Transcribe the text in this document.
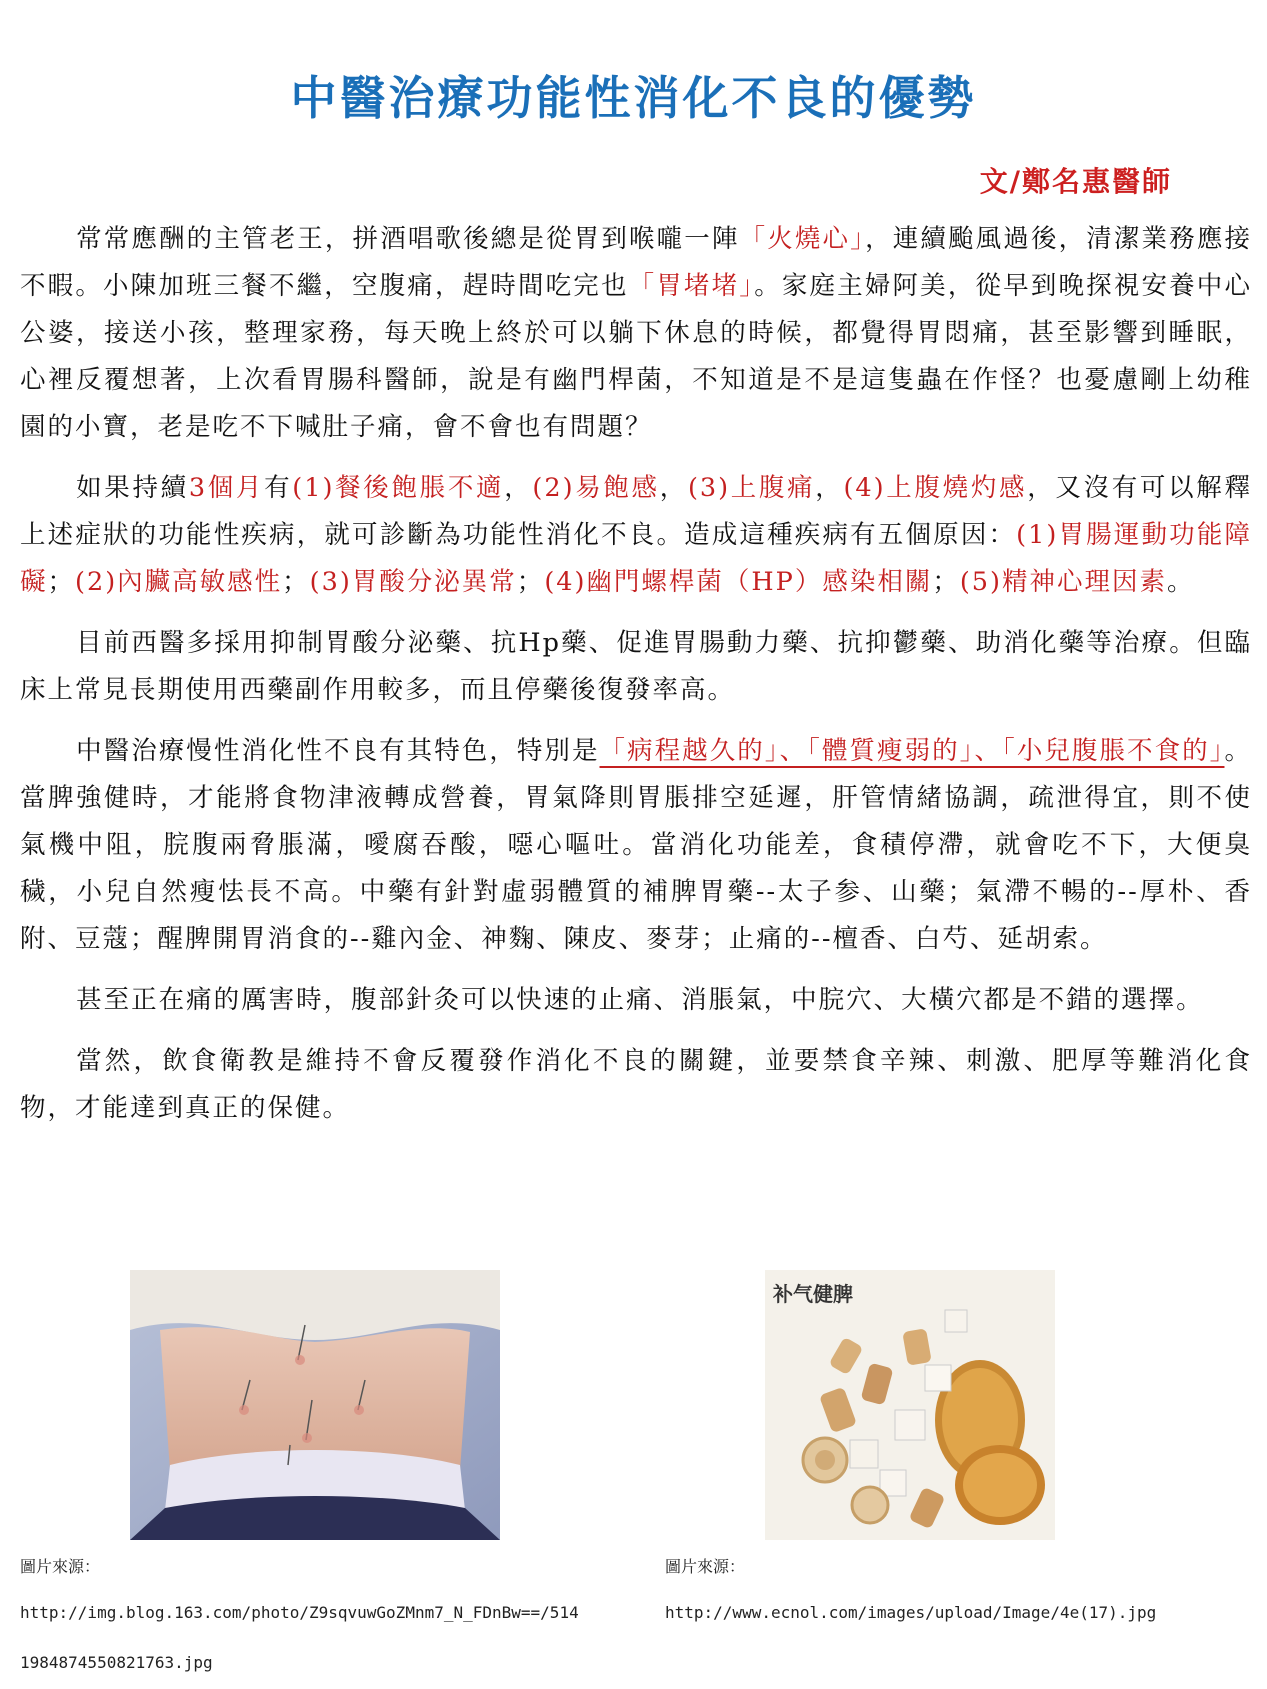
中醫治療功能性消化不良的優勢
文/鄭名惠醫師

常常應酬的主管老王，拼酒唱歌後總是從胃到喉嚨一陣「火燒心」，連續颱風過後，清潔業務應接不暇。小陳加班三餐不繼，空腹痛，趕時間吃完也「胃堵堵」。家庭主婦阿美，從早到晚探視安養中心公婆，接送小孩，整理家務，每天晚上終於可以躺下休息的時候，都覺得胃悶痛，甚至影響到睡眠，心裡反覆想著，上次看胃腸科醫師，說是有幽門桿菌，不知道是不是這隻蟲在作怪？也憂慮剛上幼稚園的小寶，老是吃不下喊肚子痛，會不會也有問題？

如果持續3個月有(1)餐後飽脹不適，(2)易飽感，(3)上腹痛，(4)上腹燒灼感，又沒有可以解釋上述症狀的功能性疾病，就可診斷為功能性消化不良。造成這種疾病有五個原因：(1)胃腸運動功能障礙；(2)內臟高敏感性；(3)胃酸分泌異常；(4)幽門螺桿菌（HP）感染相關；(5)精神心理因素。

目前西醫多採用抑制胃酸分泌藥、抗Hp藥、促進胃腸動力藥、抗抑鬱藥、助消化藥等治療。但臨床上常見長期使用西藥副作用較多，而且停藥後復發率高。

中醫治療慢性消化性不良有其特色，特別是「病程越久的」、「體質瘦弱的」、「小兒腹脹不食的」。當脾強健時，才能將食物津液轉成營養，胃氣降則胃脹排空延遲，肝管情緒協調，疏泄得宜，則不使氣機中阻，脘腹兩脅脹滿，噯腐吞酸，噁心嘔吐。當消化功能差，食積停滯，就會吃不下，大便臭穢，小兒自然瘦怯長不高。中藥有針對虛弱體質的補脾胃藥--太子参、山藥；氣滯不暢的--厚朴、香附、豆蔻；醒脾開胃消食的--雞內金、神麴、陳皮、麥芽；止痛的--檀香、白芍、延胡索。

甚至正在痛的厲害時，腹部針灸可以快速的止痛、消脹氣，中脘穴、大橫穴都是不錯的選擇。

當然，飲食衛教是維持不會反覆發作消化不良的關鍵，並要禁食辛辣、刺激、肥厚等難消化食物，才能達到真正的保健。

补气健脾
圖片來源：
http://img.blog.163.com/photo/Z9sqvuwGoZMnm7_N_FDnBw==/514
1984874550821763.jpg
圖片來源：
http://www.ecnol.com/images/upload/Image/4e(17).jpg
